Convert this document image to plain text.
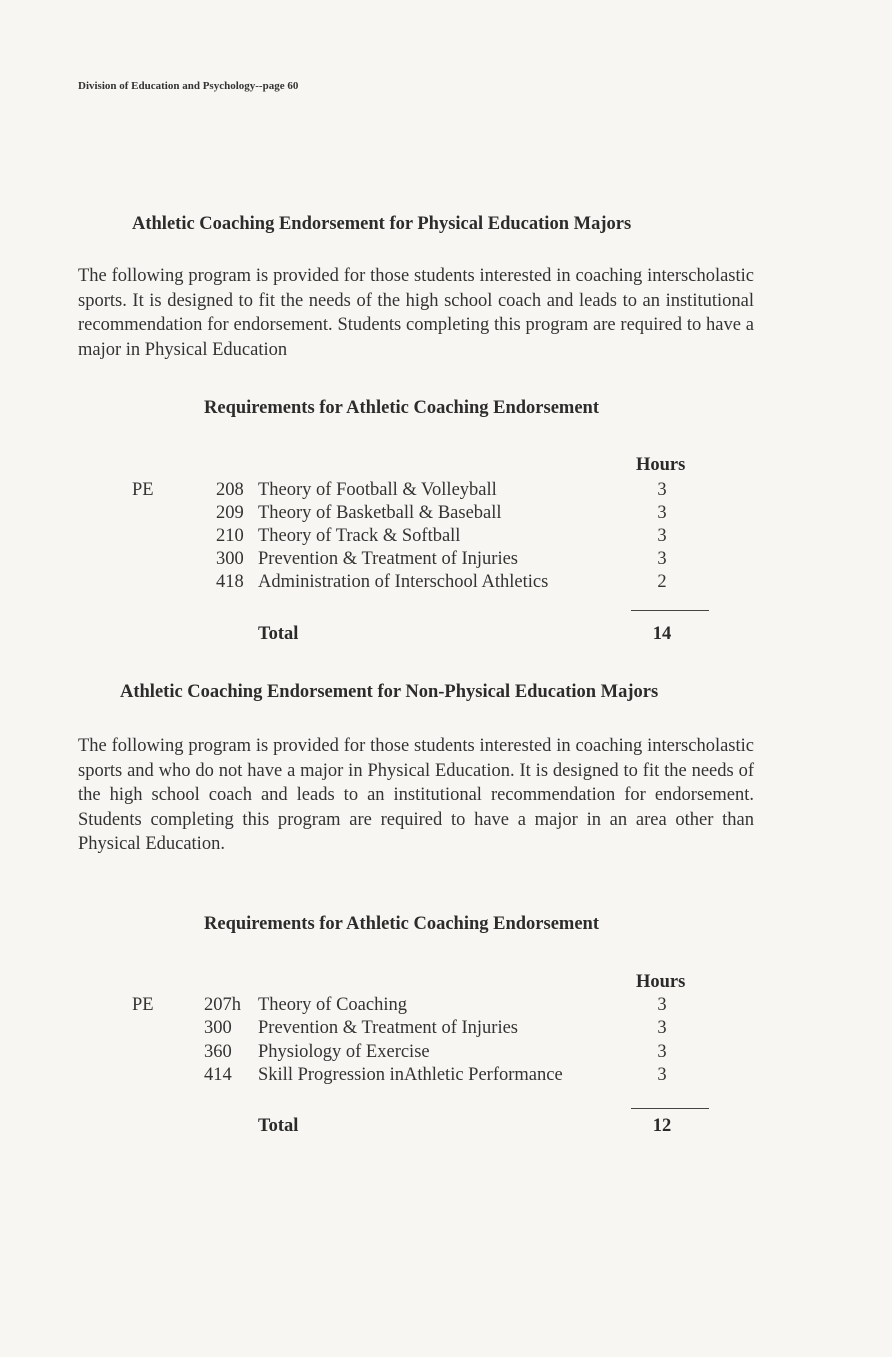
Division of Education and Psychology--page 60
Athletic Coaching Endorsement for Physical Education Majors

The following program is provided for those students interested in coaching interscholastic sports. It is designed to fit the needs of the high school coach and leads to an institutional recommendation for endorsement. Students completing this program are required to have a major in Physical Education

Requirements for Athletic Coaching Endorsement
Hours
PE	208 Theory of Football & Volleyball	3
209 Theory of Basketball & Baseball	3
210 Theory of Track & Softball	3
300 Prevention & Treatment of Injuries	3
418 Administration of Interschool Athletics	2
Total	14
Athletic Coaching Endorsement for Non-Physical Education Majors

The following program is provided for those students interested in coaching interscholastic sports and who do not have a major in Physical Education. It is designed to fit the needs of the high school coach and leads to an institutional recommendation for endorsement. Students completing this program are required to have a major in an area other than Physical Education.

Requirements for Athletic Coaching Endorsement
Hours
PE	207h Theory of Coaching	3
300 Prevention & Treatment of Injuries	3
360 Physiology of Exercise	3
414 Skill Progression inAthletic Performance	3
Total	12
